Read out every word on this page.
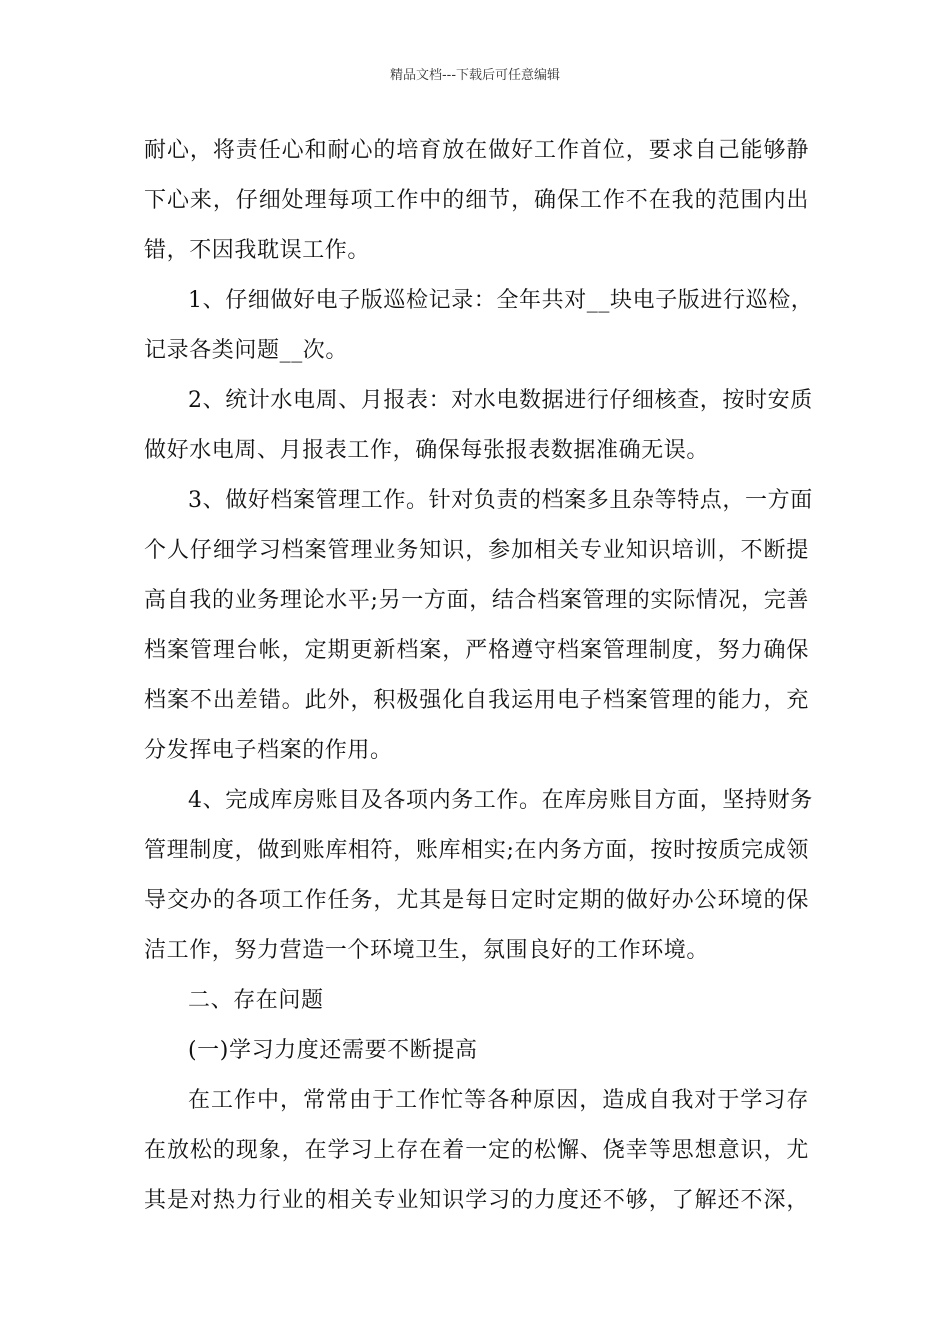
精品文档---下载后可任意编辑
耐心，将责任心和耐心的培育放在做好工作首位，要求自己能够静
下心来，仔细处理每项工作中的细节，确保工作不在我的范围内出
错，不因我耽误工作。
1、仔细做好电子版巡检记录：全年共对__块电子版进行巡检，
记录各类问题__次。
2、统计水电周、月报表：对水电数据进行仔细核查，按时安质
做好水电周、月报表工作，确保每张报表数据准确无误。
3、做好档案管理工作。针对负责的档案多且杂等特点，一方面
个人仔细学习档案管理业务知识，参加相关专业知识培训，不断提
高自我的业务理论水平;另一方面，结合档案管理的实际情况，完善
档案管理台帐，定期更新档案，严格遵守档案管理制度，努力确保
档案不出差错。此外，积极强化自我运用电子档案管理的能力，充
分发挥电子档案的作用。
4、完成库房账目及各项内务工作。在库房账目方面，坚持财务
管理制度，做到账库相符，账库相实;在内务方面，按时按质完成领
导交办的各项工作任务，尤其是每日定时定期的做好办公环境的保
洁工作，努力营造一个环境卫生，氛围良好的工作环境。
二、存在问题
(一)学习力度还需要不断提高
在工作中，常常由于工作忙等各种原因，造成自我对于学习存
在放松的现象，在学习上存在着一定的松懈、侥幸等思想意识，尤
其是对热力行业的相关专业知识学习的力度还不够，了解还不深，
